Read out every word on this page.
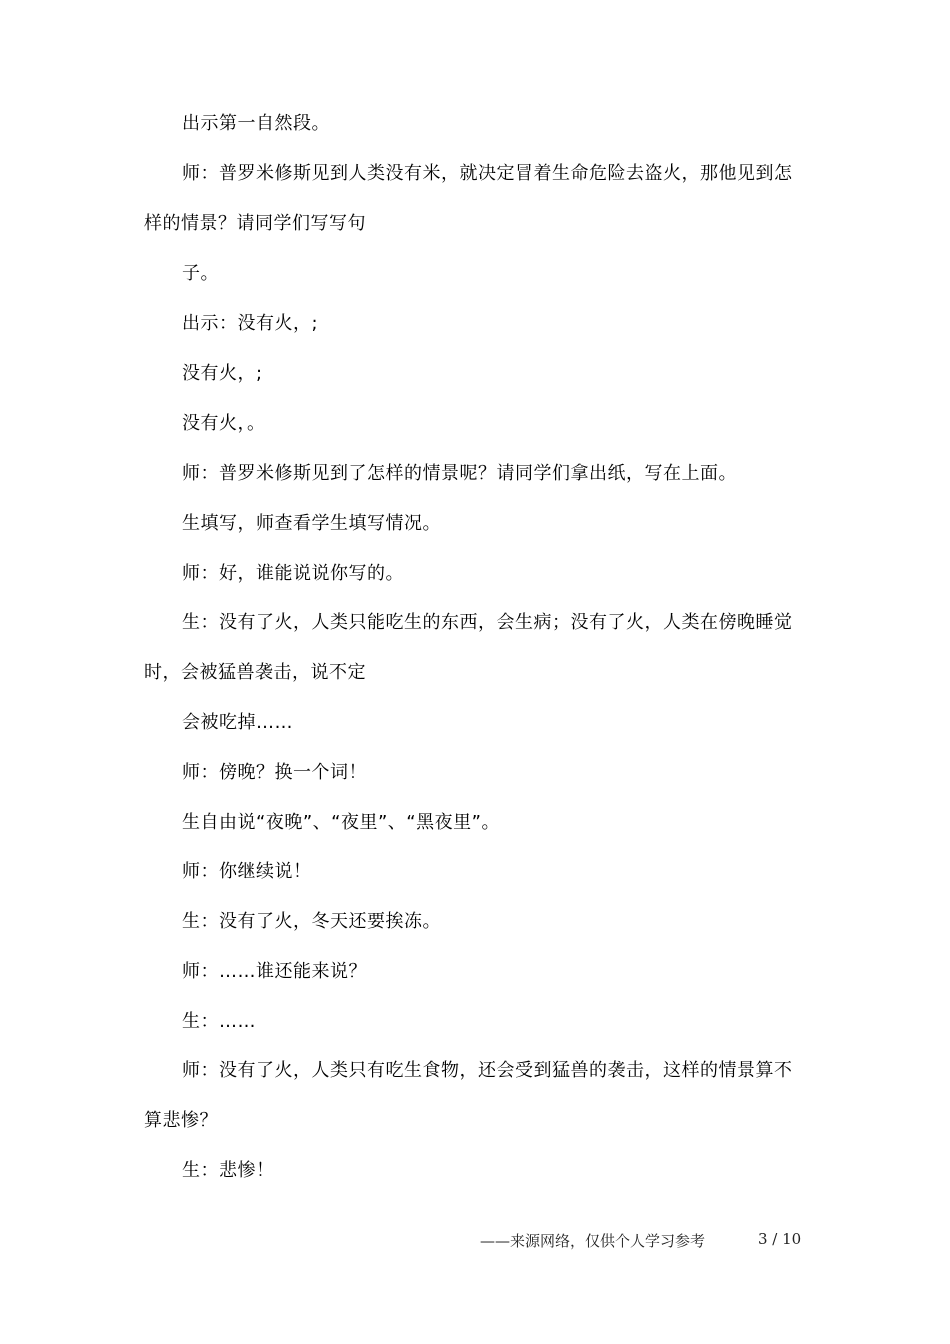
出示第一自然段。
师：普罗米修斯见到人类没有米，就决定冒着生命危险去盗火，那他见到怎
样的情景？请同学们写写句
子。
出示：没有火，;
没有火，;
没有火，。
师：普罗米修斯见到了怎样的情景呢？请同学们拿出纸，写在上面。
生填写，师查看学生填写情况。
师：好，谁能说说你写的。
生：没有了火，人类只能吃生的东西，会生病；没有了火，人类在傍晚睡觉
时，会被猛兽袭击，说不定
会被吃掉……
师：傍晚？换一个词！
生自由说“夜晚”、“夜里”、“黑夜里”。
师：你继续说！
生：没有了火，冬天还要挨冻。
师：……谁还能来说？
生：……
师：没有了火，人类只有吃生食物，还会受到猛兽的袭击，这样的情景算不
算悲惨？
生：悲惨！
——来源网络，仅供个人学习参考	3 / 10
